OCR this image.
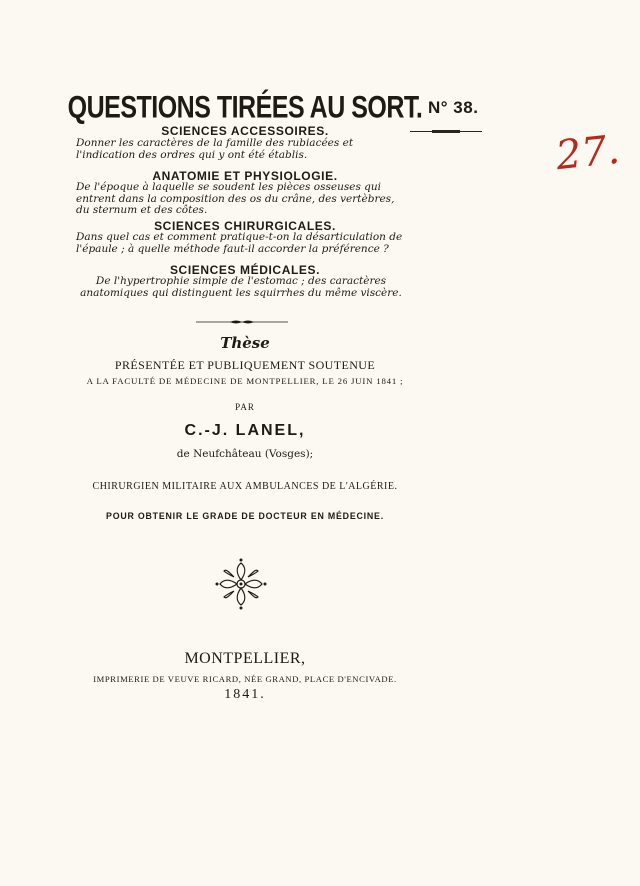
QUESTIONS TIRÉES AU SORT. N° 38.
27.
SCIENCES ACCESSOIRES.
Donner les caractères de la famille des rubiacées et l'indication des ordres qui y ont été établis.
ANATOMIE ET PHYSIOLOGIE.
De l'époque à laquelle se soudent les pièces osseuses qui entrent dans la composition des os du crâne, des vertèbres, du sternum et des côtes.
SCIENCES CHIRURGICALES.
Dans quel cas et comment pratique-t-on la désarticulation de l'épaule ; à quelle méthode faut-il accorder la préférence ?
SCIENCES MÉDICALES.
De l'hypertrophie simple de l'estomac ; des caractères anatomiques qui distinguent les squirrhes du même viscère.
Thèse
PRÉSENTÉE ET PUBLIQUEMENT SOUTENUE
A LA FACULTÉ DE MÉDECINE DE MONTPELLIER, LE 26 JUIN 1841 ;
PAR
C.-J. LANEL,
de Neufchâteau (Vosges);
CHIRURGIEN MILITAIRE AUX AMBULANCES DE L'ALGÉRIE.
POUR OBTENIR LE GRADE DE DOCTEUR EN MÉDECINE.
MONTPELLIER,
IMPRIMERIE DE VEUVE RICARD, NÉE GRAND, PLACE D'ENCIVADE.
1841.
